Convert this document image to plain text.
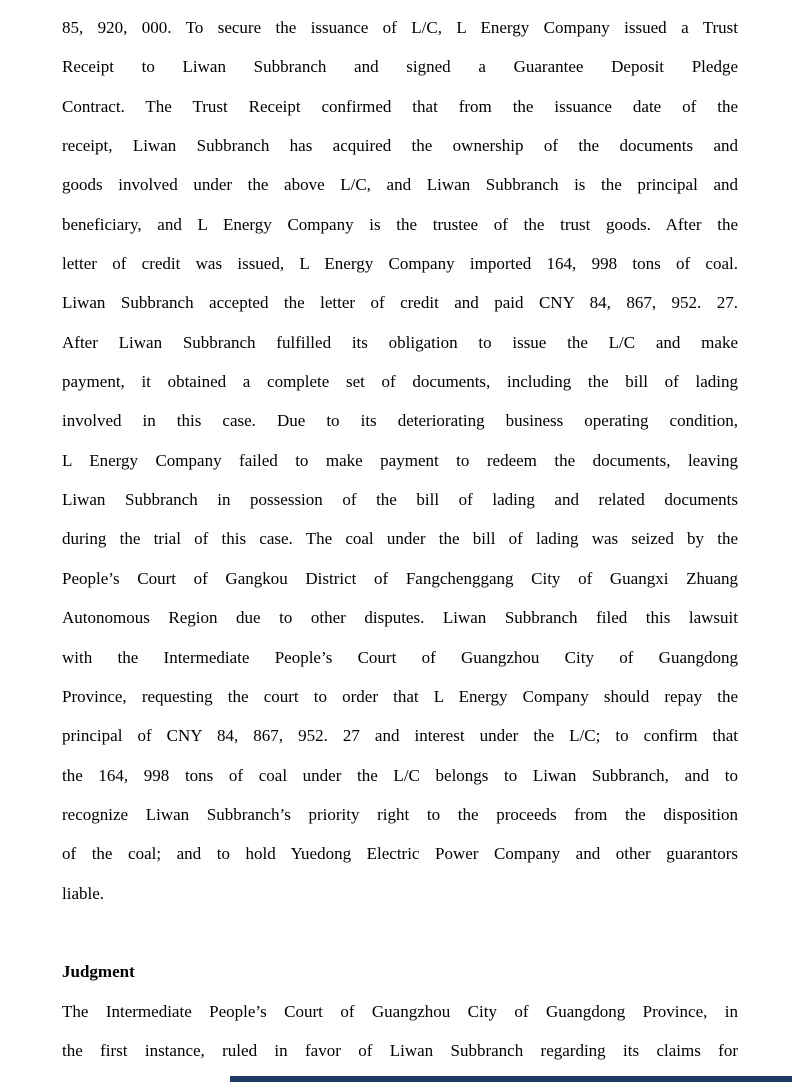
85, 920, 000. To secure the issuance of L/C, L Energy Company issued a Trust
Receipt to Liwan Subbranch and signed a Guarantee Deposit Pledge
Contract. The Trust Receipt confirmed that from the issuance date of the
receipt, Liwan Subbranch has acquired the ownership of the documents and
goods involved under the above L/C, and Liwan Subbranch is the principal and
beneficiary, and L Energy Company is the trustee of the trust goods. After the
letter of credit was issued, L Energy Company imported 164, 998 tons of coal.
Liwan Subbranch accepted the letter of credit and paid CNY 84, 867, 952. 27.
After Liwan Subbranch fulfilled its obligation to issue the L/C and make
payment, it obtained a complete set of documents, including the bill of lading
involved in this case. Due to its deteriorating business operating condition,
L Energy Company failed to make payment to redeem the documents, leaving
Liwan Subbranch in possession of the bill of lading and related documents
during the trial of this case. The coal under the bill of lading was seized by the
People’s Court of Gangkou District of Fangchenggang City of Guangxi Zhuang
Autonomous Region due to other disputes. Liwan Subbranch filed this lawsuit
with the Intermediate People’s Court of Guangzhou City of Guangdong
Province, requesting the court to order that L Energy Company should repay the
principal of CNY 84, 867, 952. 27 and interest under the L/C; to confirm that
the 164, 998 tons of coal under the L/C belongs to Liwan Subbranch, and to
recognize Liwan Subbranch’s priority right to the proceeds from the disposition
of the coal; and to hold Yuedong Electric Power Company and other guarantors
liable.
Judgment
The Intermediate People’s Court of Guangzhou City of Guangdong Province, in
the first instance, ruled in favor of Liwan Subbranch regarding its claims for
